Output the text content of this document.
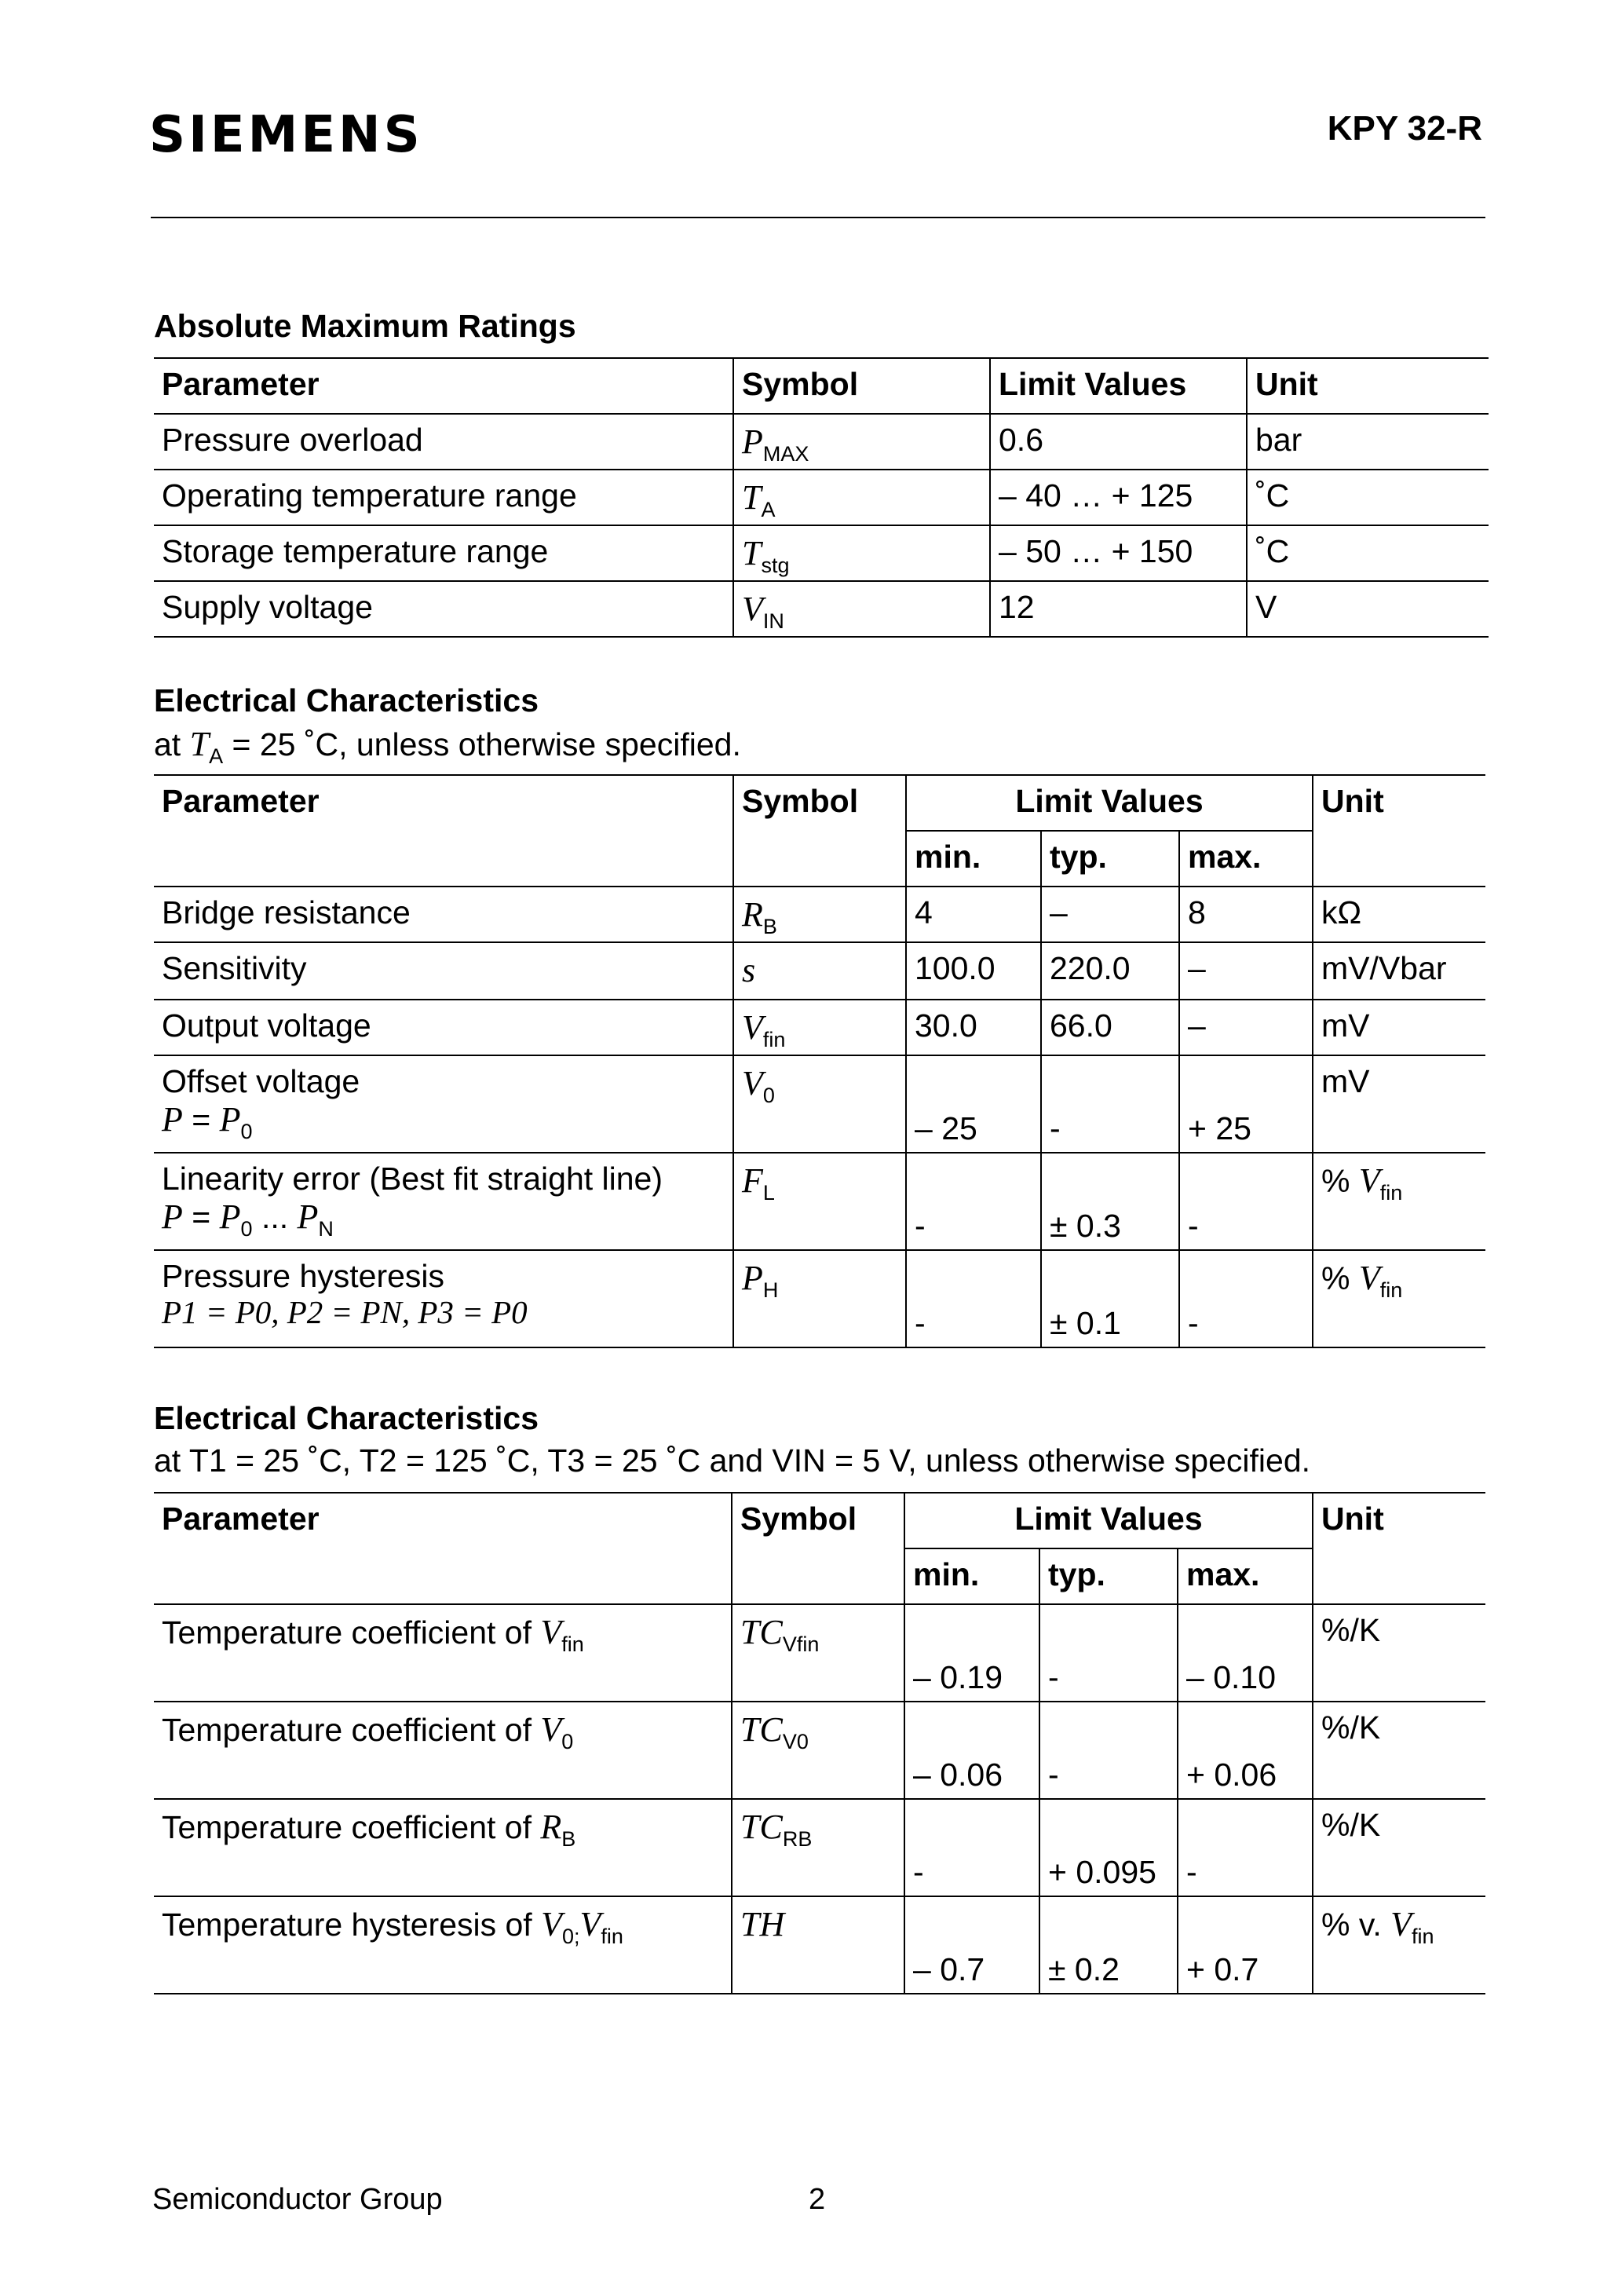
SIEMENS	KPY 32-R
Absolute Maximum Ratings
Parameter	Symbol	Limit Values	Unit
Pressure overload	$P_{MAX}$	0.6	bar
Operating temperature range	$T_A$	– 40 … + 125	˚C
Storage temperature range	$T_{stg}$	– 50 … + 150	˚C
Supply voltage	$V_{IN}$	12	V
Electrical Characteristics
at $T_A = 25$ ˚C, unless otherwise specified.
Parameter	Symbol	Limit Values			Unit
		min.	typ.	max.	
Bridge resistance	$R_B$	4	–	8	kΩ
Sensitivity	s	100.0	220.0	–	mV/Vbar
Output voltage	$V_{fin}$	30.0	66.0	–	mV

Offset voltage
$P = P_0$	$V_0$	– 25	-	+ 25	mV

Linearity error (Best fit straight line)
$P = P_0$ ... $P_N$	$F_L$	-	± 0.3	-	% $V_{fin}$

Pressure hysteresis
P1 = P0, P2 = PN, P3 = P0	$P_H$	-	± 0.1	-	% $V_{fin}$
Electrical Characteristics
at T1 = 25 ˚C, T2 = 125 ˚C, T3 = 25 ˚C and VIN = 5 V, unless otherwise specified.
Parameter	Symbol	Limit Values			Unit
		min.	typ.	max.	
Temperature coefficient of $V_{fin}$	$TC_{Vfin}$	– 0.19	-	– 0.10	%/K
Temperature coefficient of $V_0$	$TC_{V0}$	– 0.06	-	+ 0.06	%/K
Temperature coefficient of $R_B$	$TC_{RB}$	-	+ 0.095	-	%/K
Temperature hysteresis of $V_{0;}V_{fin}$	TH	– 0.7	± 0.2	+ 0.7	% v. $V_{fin}$
Semiconductor Group	2
